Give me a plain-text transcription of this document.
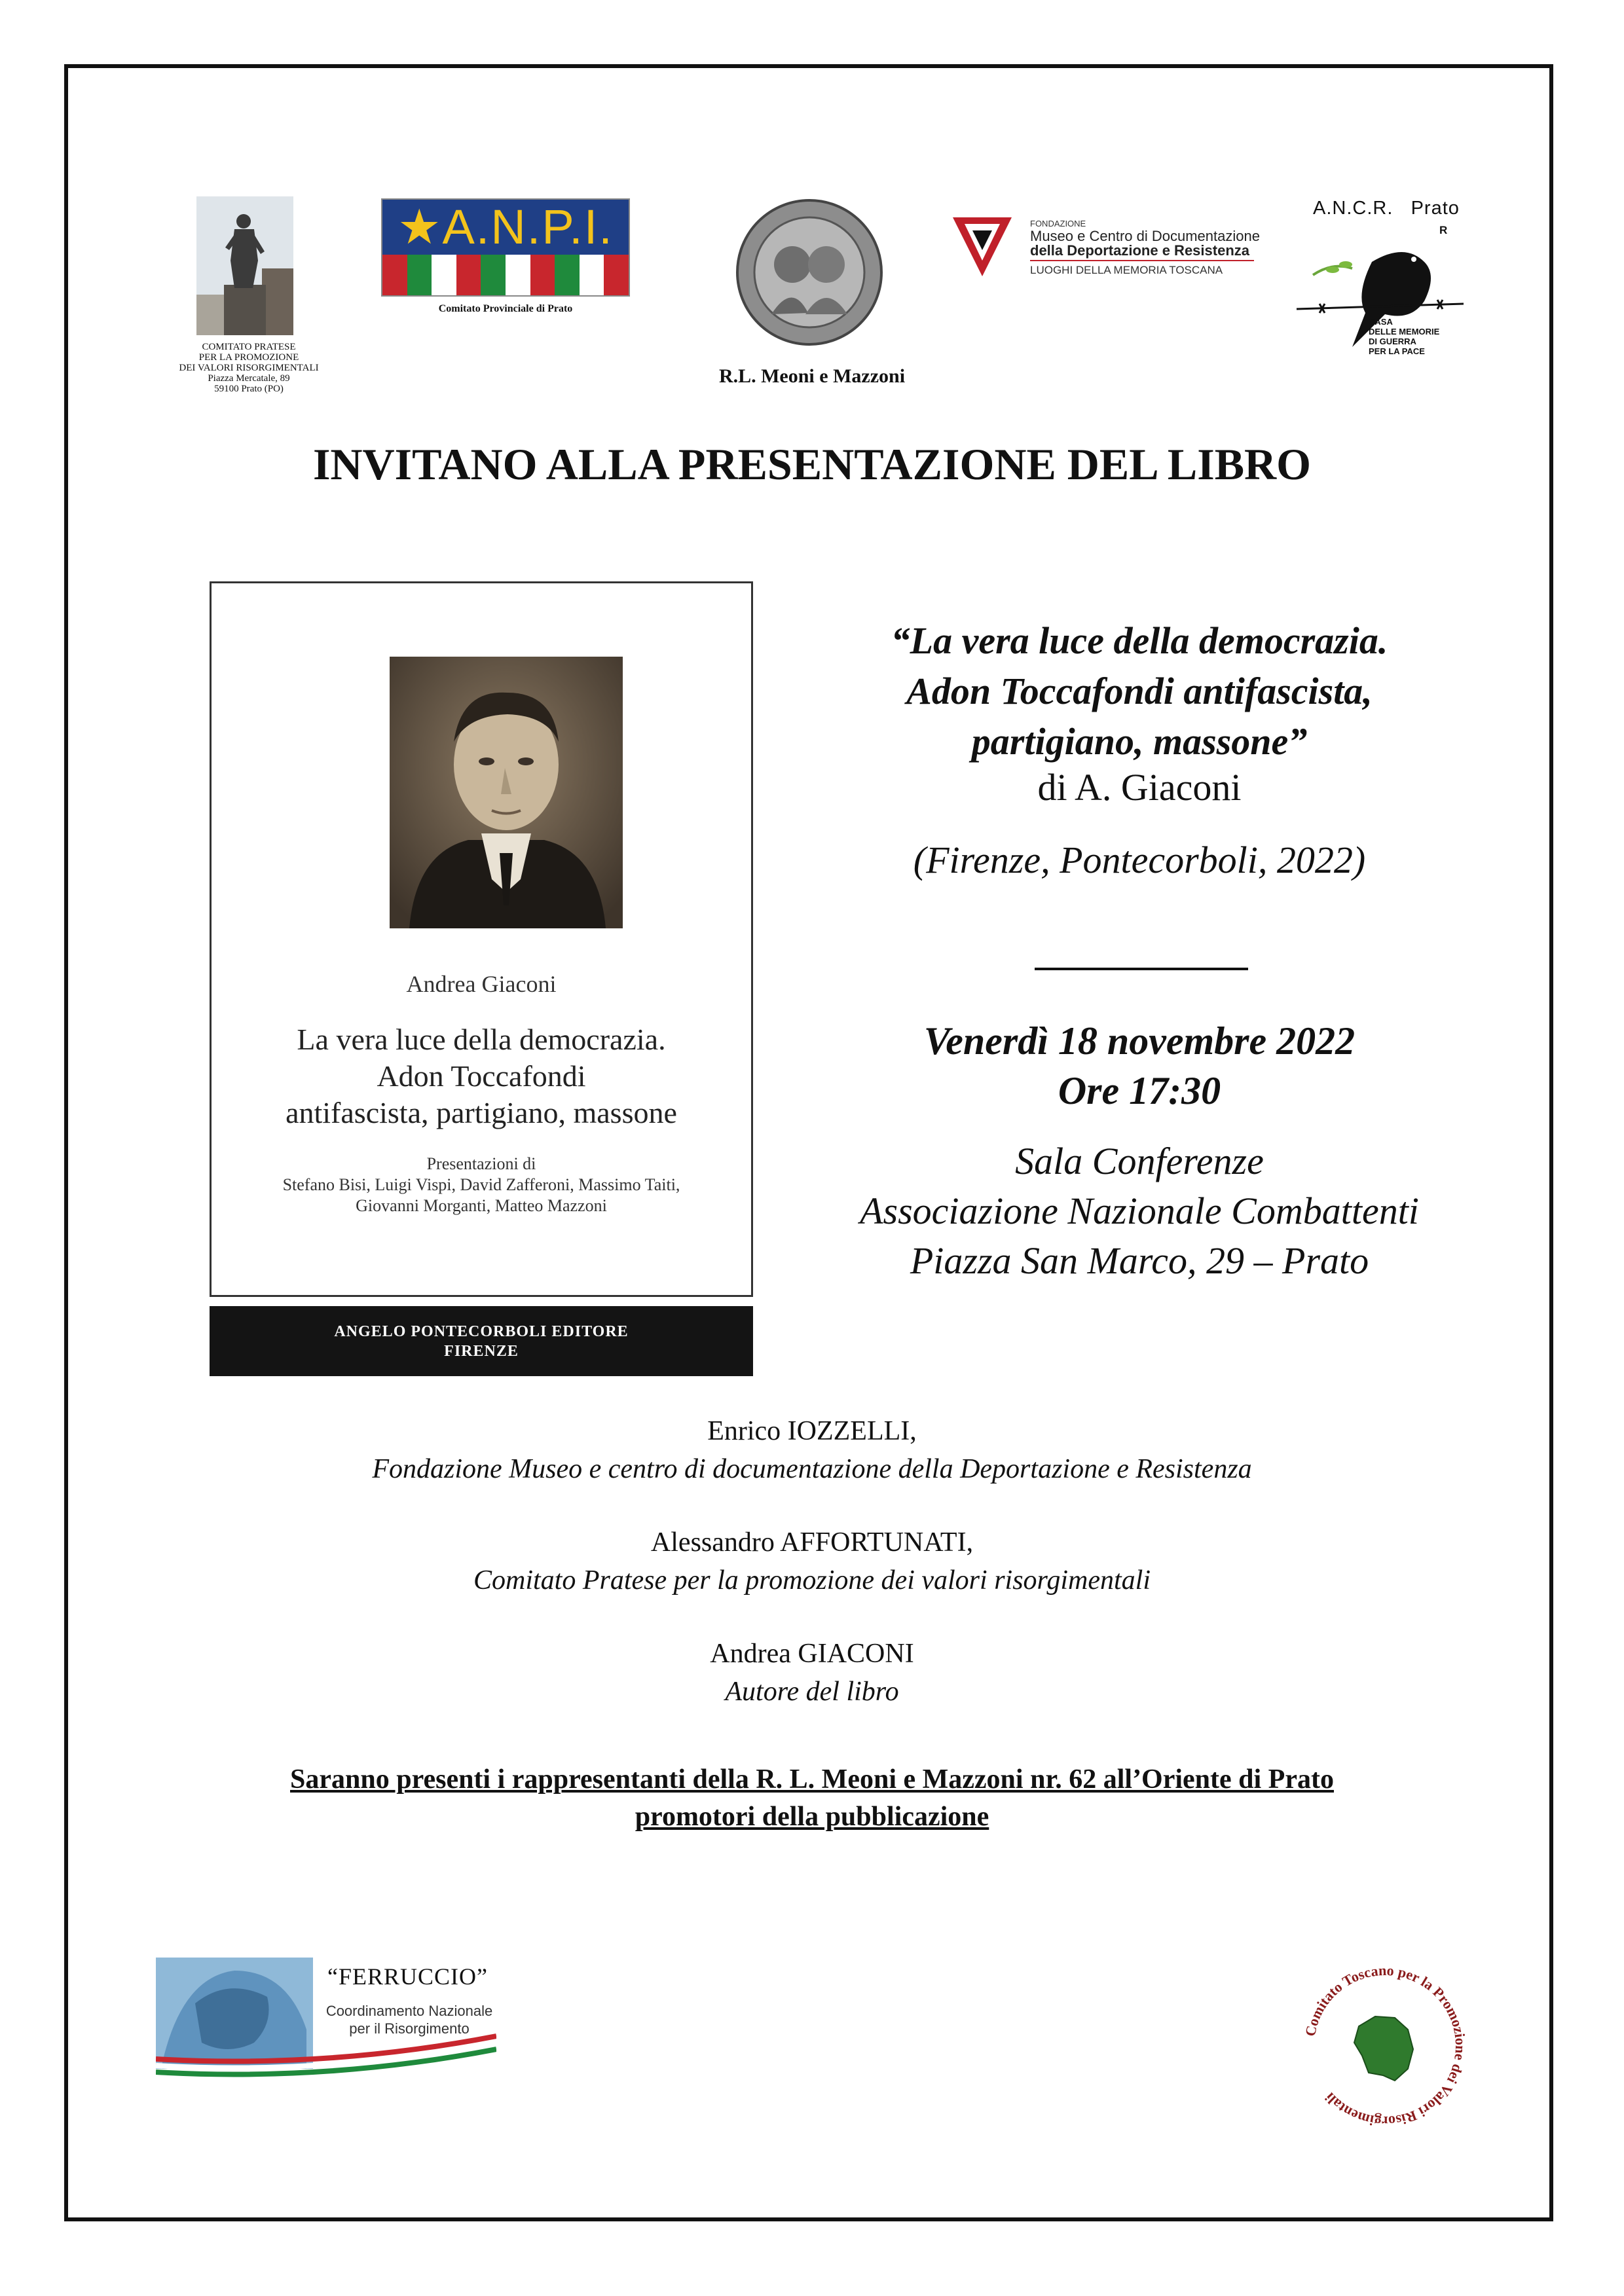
COMITATO PRATESE
PER LA PROMOZIONE
DEI VALORI RISORGIMENTALI
Piazza Mercatale, 89
59100 Prato (PO)
★A.N.P.I.
Comitato Provinciale di Prato
R.L. Meoni e Mazzoni
FONDAZIONE
Museo e Centro di Documentazione
della Deportazione e Resistenza
LUOGHI DELLA MEMORIA TOSCANA
A.N.C.R.   Prato
R
CASA
DELLE MEMORIE
DI GUERRA
PER LA PACE
INVITANO ALLA PRESENTAZIONE DEL LIBRO
Andrea Giaconi
La vera luce della democrazia.
Adon Toccafondi
antifascista, partigiano, massone
Presentazioni di
Stefano Bisi, Luigi Vispi, David Zafferoni, Massimo Taiti,
Giovanni Morganti, Matteo Mazzoni
ANGELO PONTECORBOLI EDITORE
FIRENZE
“La vera luce della democrazia.
Adon Toccafondi antifascista,
partigiano, massone”
di A. Giaconi
(Firenze, Pontecorboli, 2022)
Venerdì 18 novembre 2022
Ore 17:30
Sala Conferenze
Associazione Nazionale Combattenti
Piazza San Marco, 29 – Prato
Enrico IOZZELLI,
Fondazione Museo e centro di documentazione della Deportazione e Resistenza
Alessandro AFFORTUNATI,
Comitato Pratese per la promozione dei valori risorgimentali
Andrea GIACONI
Autore del libro
Saranno presenti i rappresentanti della R. L. Meoni e Mazzoni nr. 62 all’Oriente di Prato
promotori della pubblicazione
“FERRUCCIO”
Coordinamento Nazionale
per il Risorgimento	Comitato Toscano per la Promozione dei Valori Risorgimentali
